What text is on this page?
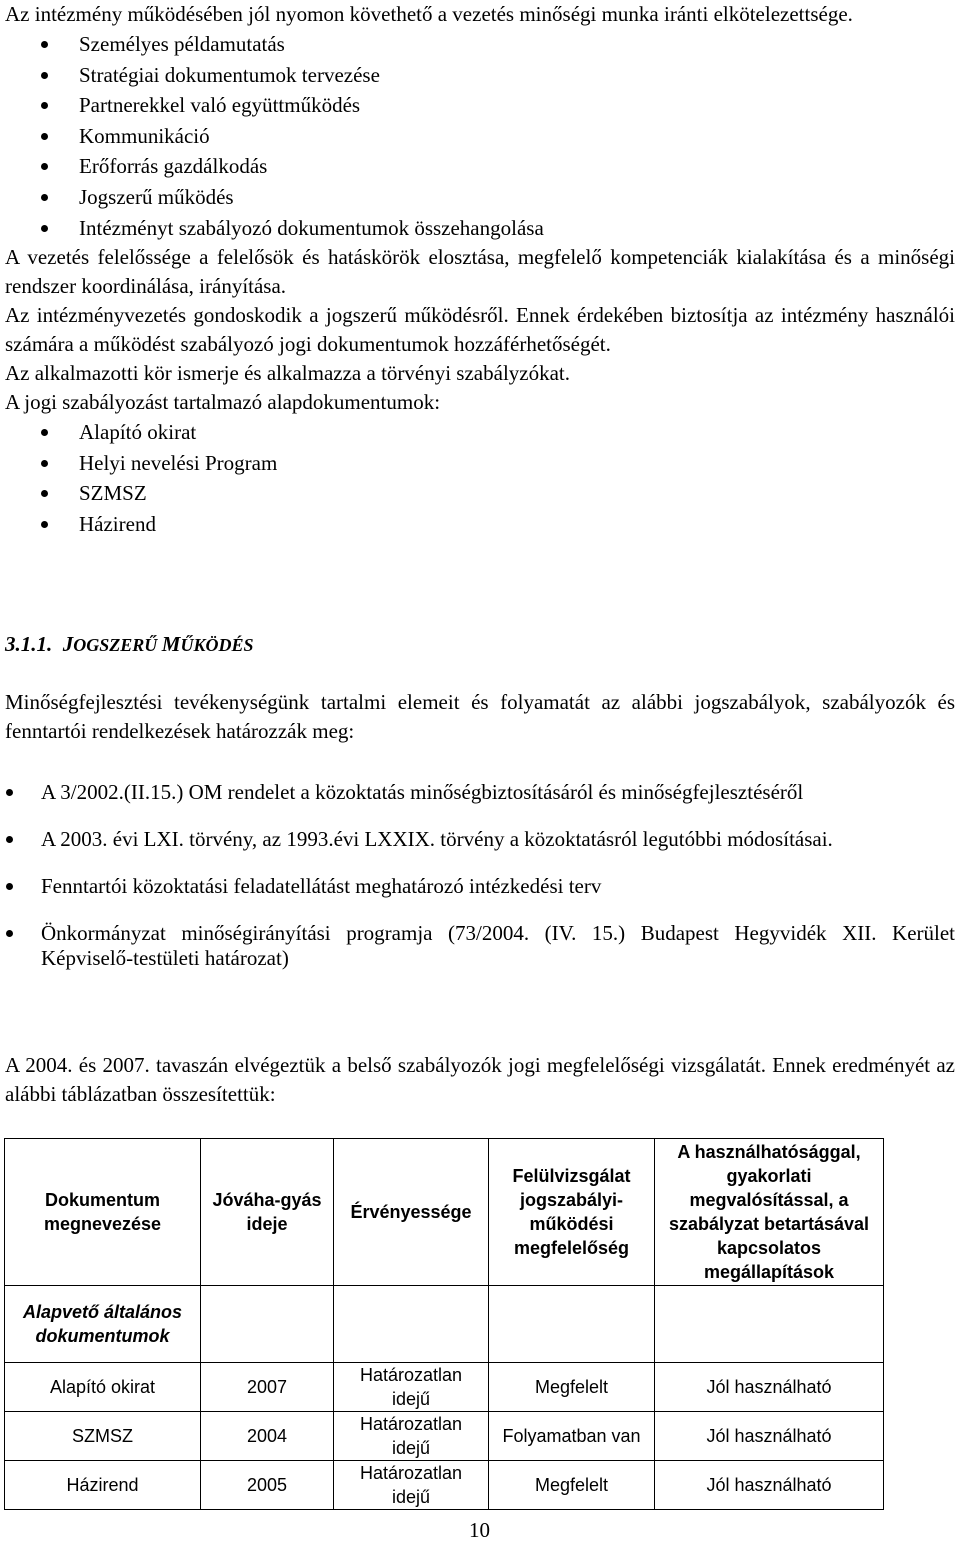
Az intézmény működésében jól nyomon követhető a vezetés minőségi munka iránti elkötelezettsége.

Személyes példamutatás
Stratégiai dokumentumok tervezése
Partnerekkel való együttműködés
Kommunikáció
Erőforrás gazdálkodás
Jogszerű működés
Intézményt szabályozó dokumentumok összehangolása

A vezetés felelőssége a felelősök és hatáskörök elosztása, megfelelő kompetenciák kialakítása és a minőségi rendszer koordinálása, irányítása.

Az intézményvezetés gondoskodik a jogszerű működésről. Ennek érdekében biztosítja az intézmény használói számára a működést szabályozó jogi dokumentumok hozzáférhetőségét.

Az alkalmazotti kör ismerje és alkalmazza a törvényi szabályzókat.

A jogi szabályozást tartalmazó alapdokumentumok:

Alapító okirat
Helyi nevelési Program
SZMSZ
Házirend
3.1.1. JOGSZERŰ MŰKÖDÉS

Minőségfejlesztési tevékenységünk tartalmi elemeit és folyamatát az alábbi jogszabályok, szabályozók és fenntartói rendelkezések határozzák meg:

A 3/2002.(II.15.) OM rendelet a közoktatás minőségbiztosításáról és minőségfejlesztéséről
A 2003. évi LXI. törvény, az 1993.évi LXXIX. törvény a közoktatásról legutóbbi módosításai.
Fenntartói közoktatási feladatellátást meghatározó intézkedési terv
Önkormányzat minőségirányítási programja (73/2004. (IV. 15.) Budapest Hegyvidék XII. Kerület Képviselő-testületi határozat)

A 2004. és 2007. tavaszán elvégeztük a belső szabályozók jogi megfelelőségi vizsgálatát. Ennek eredményét az alábbi táblázatban összesítettük:

Dokumentum megnevezése	Jóváha-gyás ideje	Érvényessége	Felülvizsgálat jogszabályi-működési megfelelőség	A használhatósággal, gyakorlati megvalósítással, a szabályzat betartásával kapcsolatos megállapítások
Alapvető általános dokumentumok				
Alapító okirat	2007	Határozatlan idejű	Megfelelt	Jól használható
SZMSZ	2004	Határozatlan idejű	Folyamatban van	Jól használható
Házirend	2005	Határozatlan idejű	Megfelelt	Jól használható
10
